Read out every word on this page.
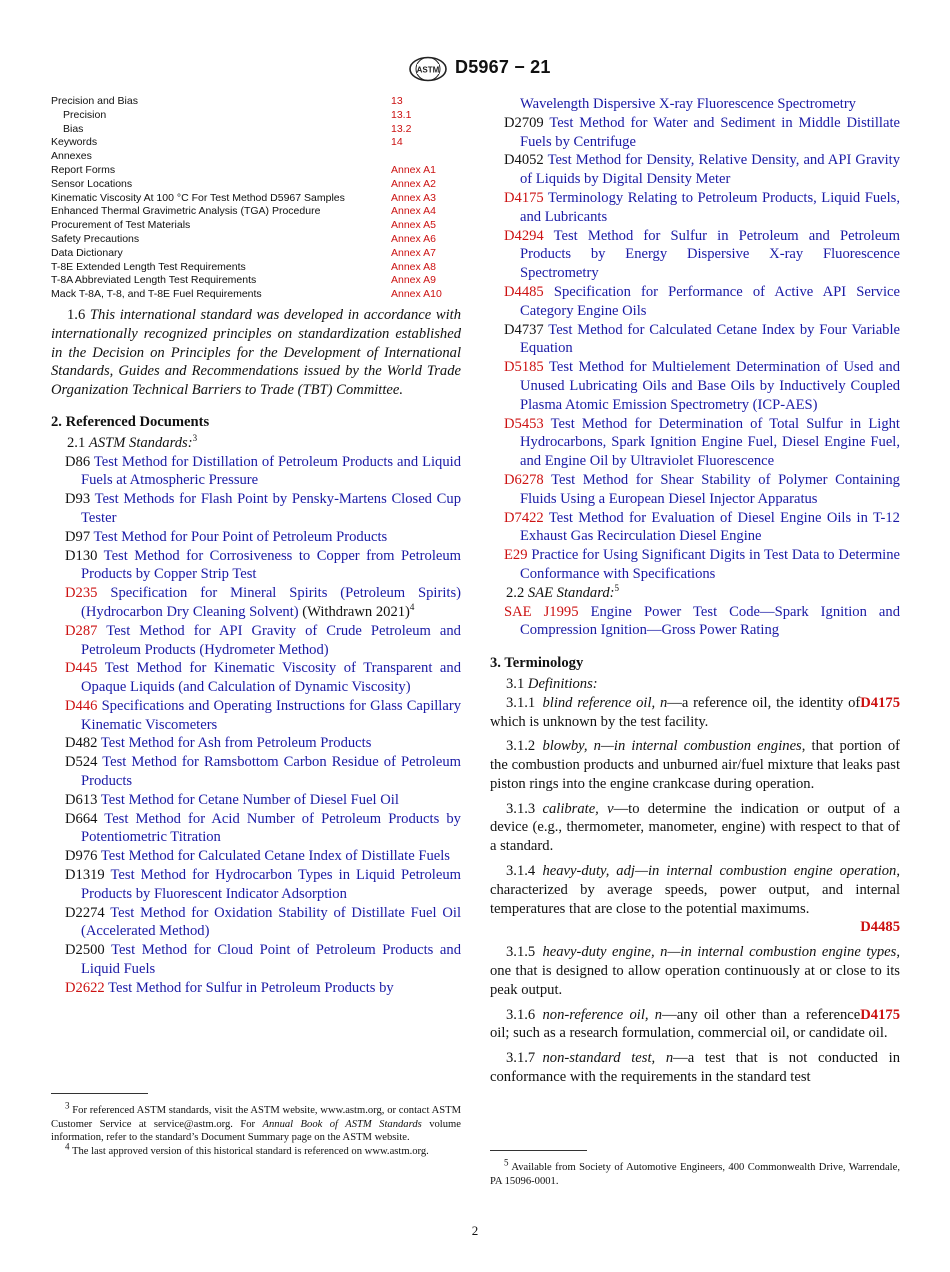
ASTM D5967 − 21
Precision and Bias	13
Precision	13.1
Bias	13.2
Keywords	14
Annexes
Report Forms	Annex A1
Sensor Locations	Annex A2
Kinematic Viscosity At 100 °C For Test Method D5967 Samples	Annex A3
Enhanced Thermal Gravimetric Analysis (TGA) Procedure	Annex A4
Procurement of Test Materials	Annex A5
Safety Precautions	Annex A6
Data Dictionary	Annex A7
T-8E Extended Length Test Requirements	Annex A8
T-8A Abbreviated Length Test Requirements	Annex A9
Mack T-8A, T-8, and T-8E Fuel Requirements	Annex A10
1.6 This international standard was developed in accordance with internationally recognized principles on standardization established in the Decision on Principles for the Development of International Standards, Guides and Recommendations issued by the World Trade Organization Technical Barriers to Trade (TBT) Committee.
2. Referenced Documents
2.1 ASTM Standards:$^3$
D86 Test Method for Distillation of Petroleum Products and Liquid Fuels at Atmospheric Pressure
D93 Test Methods for Flash Point by Pensky-Martens Closed Cup Tester
D97 Test Method for Pour Point of Petroleum Products
D130 Test Method for Corrosiveness to Copper from Petroleum Products by Copper Strip Test
D235 Specification for Mineral Spirits (Petroleum Spirits) (Hydrocarbon Dry Cleaning Solvent) (Withdrawn 2021)$^4$
D287 Test Method for API Gravity of Crude Petroleum and Petroleum Products (Hydrometer Method)
D445 Test Method for Kinematic Viscosity of Transparent and Opaque Liquids (and Calculation of Dynamic Viscosity)
D446 Specifications and Operating Instructions for Glass Capillary Kinematic Viscometers
D482 Test Method for Ash from Petroleum Products
D524 Test Method for Ramsbottom Carbon Residue of Petroleum Products
D613 Test Method for Cetane Number of Diesel Fuel Oil
D664 Test Method for Acid Number of Petroleum Products by Potentiometric Titration
D976 Test Method for Calculated Cetane Index of Distillate Fuels
D1319 Test Method for Hydrocarbon Types in Liquid Petroleum Products by Fluorescent Indicator Adsorption
D2274 Test Method for Oxidation Stability of Distillate Fuel Oil (Accelerated Method)
D2500 Test Method for Cloud Point of Petroleum Products and Liquid Fuels
D2622 Test Method for Sulfur in Petroleum Products by
Wavelength Dispersive X-ray Fluorescence Spectrometry
D2709 Test Method for Water and Sediment in Middle Distillate Fuels by Centrifuge
D4052 Test Method for Density, Relative Density, and API Gravity of Liquids by Digital Density Meter
D4175 Terminology Relating to Petroleum Products, Liquid Fuels, and Lubricants
D4294 Test Method for Sulfur in Petroleum and Petroleum Products by Energy Dispersive X-ray Fluorescence Spectrometry
D4485 Specification for Performance of Active API Service Category Engine Oils
D4737 Test Method for Calculated Cetane Index by Four Variable Equation
D5185 Test Method for Multielement Determination of Used and Unused Lubricating Oils and Base Oils by Inductively Coupled Plasma Atomic Emission Spectrometry (ICP-AES)
D5453 Test Method for Determination of Total Sulfur in Light Hydrocarbons, Spark Ignition Engine Fuel, Diesel Engine Fuel, and Engine Oil by Ultraviolet Fluorescence
D6278 Test Method for Shear Stability of Polymer Containing Fluids Using a European Diesel Injector Apparatus
D7422 Test Method for Evaluation of Diesel Engine Oils in T-12 Exhaust Gas Recirculation Diesel Engine
E29 Practice for Using Significant Digits in Test Data to Determine Conformance with Specifications
2.2 SAE Standard:$^5$
SAE J1995 Engine Power Test Code—Spark Ignition and Compression Ignition—Gross Power Rating
3. Terminology
3.1 Definitions:
D4175
3.1.1  blind reference oil, n—a reference oil, the identity of which is unknown by the test facility.
3.1.2  blowby, n—in internal combustion engines, that portion of the combustion products and unburned air/fuel mixture that leaks past piston rings into the engine crankcase during operation.
3.1.3  calibrate, v—to determine the indication or output of a device (e.g., thermometer, manometer, engine) with respect to that of a standard.
3.1.4  heavy-duty, adj—in internal combustion engine operation, characterized by average speeds, power output, and internal temperatures that are close to the potential maximums.
D4485
3.1.5  heavy-duty engine, n—in internal combustion engine types, one that is designed to allow operation continuously at or close to its peak output.
D4175
3.1.6  non-reference oil, n—any oil other than a reference oil; such as a research formulation, commercial oil, or candidate oil.
3.1.7  non-standard test, n—a test that is not conducted in conformance with the requirements in the standard test
$^3$ For referenced ASTM standards, visit the ASTM website, www.astm.org, or contact ASTM Customer Service at service@astm.org. For Annual Book of ASTM Standards volume information, refer to the standard’s Document Summary page on the ASTM website.
$^4$ The last approved version of this historical standard is referenced on www.astm.org.
$^5$ Available from Society of Automotive Engineers, 400 Commonwealth Drive, Warrendale, PA 15096-0001.
2
